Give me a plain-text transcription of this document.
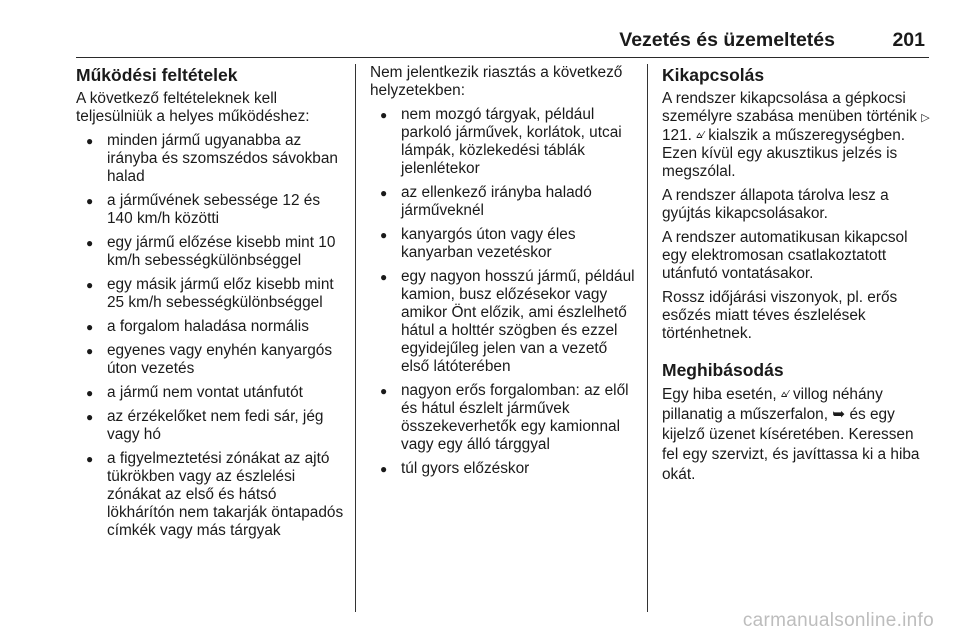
Vezetés és üzemeltetés	201
Működési feltételek

A következő feltételeknek kell teljesülniük a helyes működéshez:

● minden jármű ugyanabba az irányba és szomszédos sávokban halad
● a járművének sebessége 12 és 140 km/h közötti
● egy jármű előzése kisebb mint 10 km/h sebességkülönbséggel
● egy másik jármű előz kisebb mint 25 km/h sebességkülönbséggel
● a forgalom haladása normális
● egyenes vagy enyhén kanyargós úton vezetés
● a jármű nem vontat utánfutót
● az érzékelőket nem fedi sár, jég vagy hó
● a figyelmeztetési zónákat az ajtó tükrökben vagy az észlelési zónákat az első és hátsó lökhárítón nem takarják öntapadós címkék vagy más tárgyak

Nem jelentkezik riasztás a következő helyzetekben:

● nem mozgó tárgyak, például parkoló járművek, korlátok, utcai lámpák, közlekedési táblák jelenlétekor
● az ellenkező irányba haladó járműveknél
● kanyargós úton vagy éles kanyarban vezetéskor
● egy nagyon hosszú jármű, például kamion, busz előzésekor vagy amikor Önt előzik, ami észlelhető hátul a holttér szögben és ezzel egyidejűleg jelen van a vezető első látóterében
● nagyon erős forgalomban: az elől és hátul észlelt járművek összekeverhetők egy kamionnal vagy egy álló tárggyal
● túl gyors előzéskor
Kikapcsolás

A rendszer kikapcsolása a gépkocsi személyre szabása menüben történik ▷ 121. ⩟⁄ kialszik a műszeregységben. Ezen kívül egy akusztikus jelzés is megszólal.

A rendszer állapota tárolva lesz a gyújtás kikapcsolásakor.

A rendszer automatikusan kikapcsol egy elektromosan csatlakoztatott utánfutó vontatásakor.

Rossz időjárási viszonyok, pl. erős esőzés miatt téves észlelések történhetnek.

Meghibásodás

Egy hiba esetén, ⩟⁄ villog néhány pillanatig a műszerfalon, ➥ és egy kijelző üzenet kíséretében. Keressen fel egy szervizt, és javíttassa ki a hiba okát.

carmanualsonline.info
